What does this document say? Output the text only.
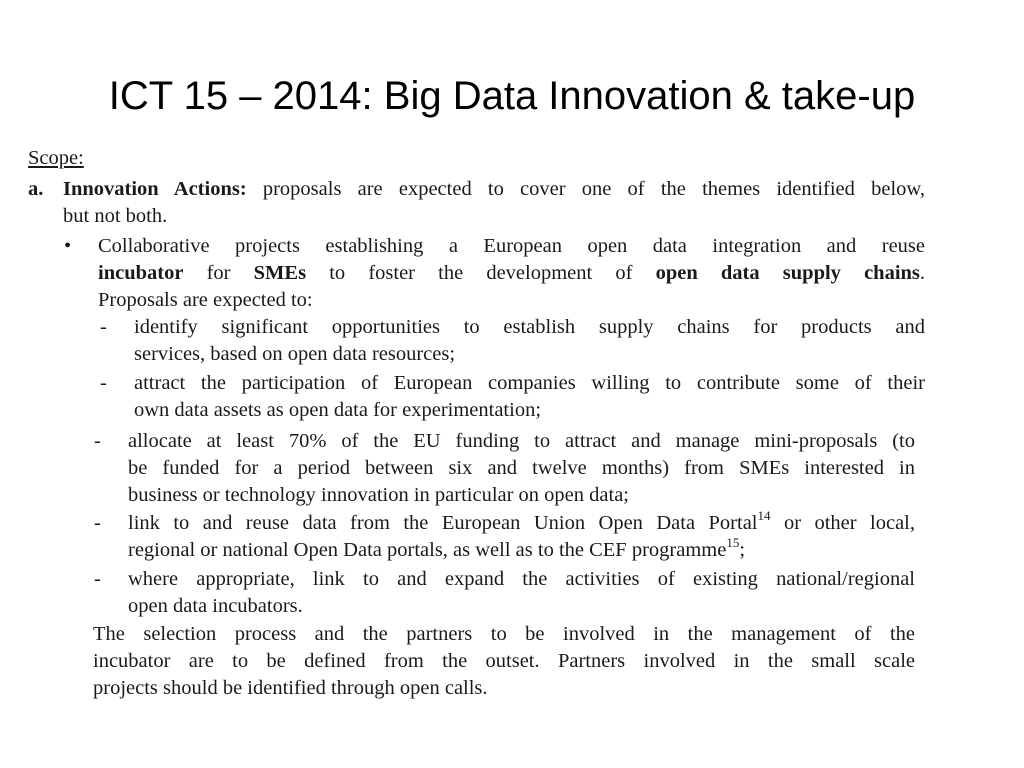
ICT 15 – 2014: Big Data Innovation & take-up
Scope:
a. Innovation Actions: proposals are expected to cover one of the themes identified below,
but not both.
• Collaborative projects establishing a European open data integration and reuse
incubator for SMEs to foster the development of open data supply chains.
Proposals are expected to:
- identify significant opportunities to establish supply chains for products and
services, based on open data resources;
- attract the participation of European companies willing to contribute some of their
own data assets as open data for experimentation;
- allocate at least 70% of the EU funding to attract and manage mini-proposals (to
be funded for a period between six and twelve months) from SMEs interested in
business or technology innovation in particular on open data;
- link to and reuse data from the European Union Open Data Portal$^{14}$ or other local,
regional or national Open Data portals, as well as to the CEF programme$^{15}$;
- where appropriate, link to and expand the activities of existing national/regional
open data incubators.
The selection process and the partners to be involved in the management of the
incubator are to be defined from the outset. Partners involved in the small scale
projects should be identified through open calls.
